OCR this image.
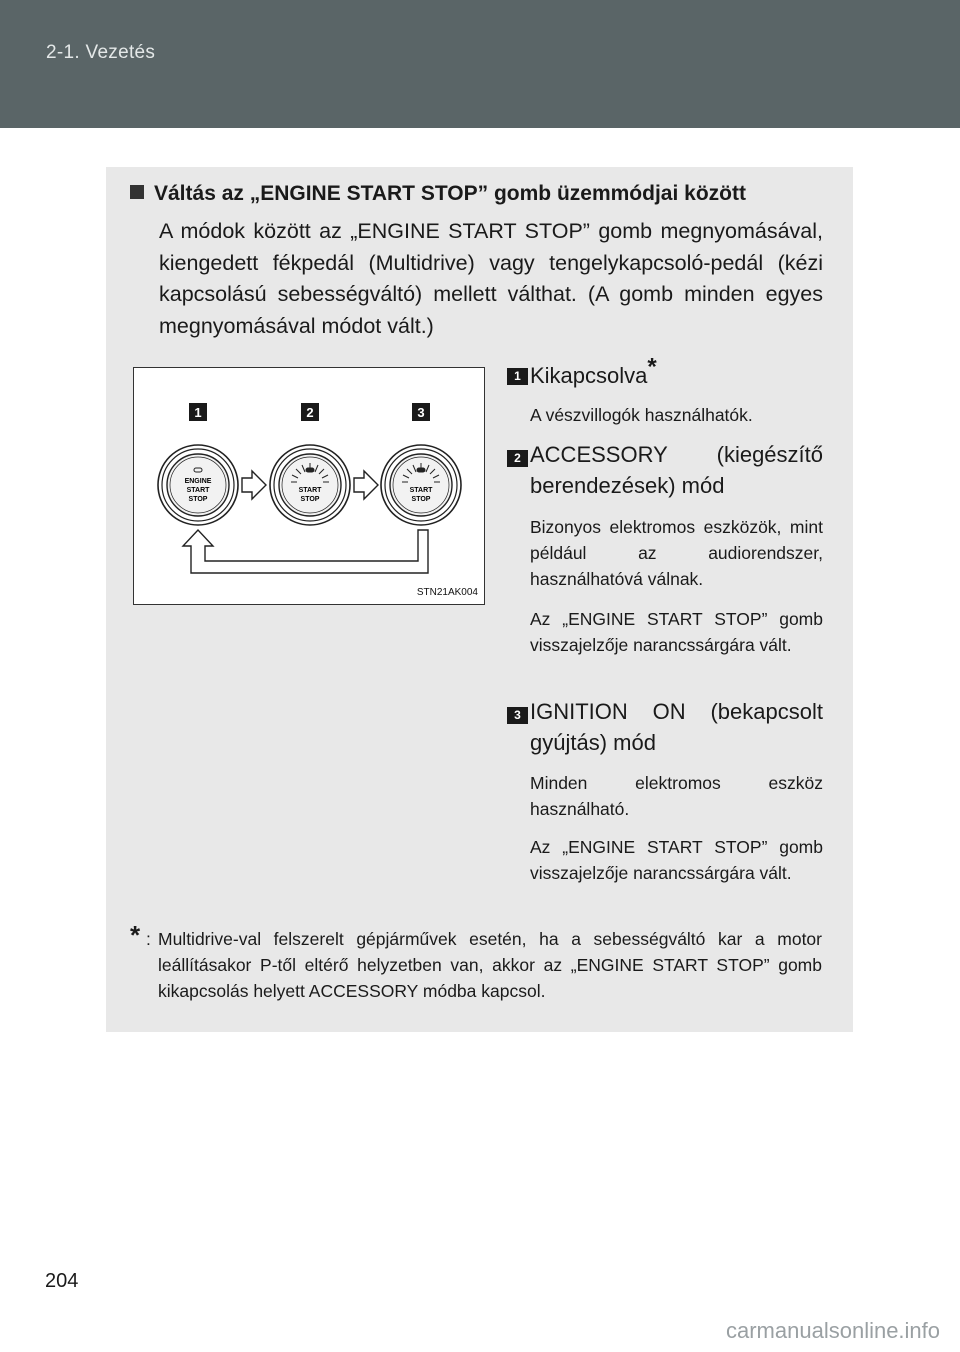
2-1. Vezetés
Váltás az „ENGINE START STOP” gomb üzemmódjai között
A módok között az „ENGINE START STOP” gomb megnyomásával, kiengedett fékpedál (Multidrive) vagy tengelykapcsoló-pedál (kézi kapcsolású sebességváltó) mellett válthat. (A gomb minden egyes megnyomásával módot vált.)
1	2	3
ENGINE
START
STOP
START
STOP
START
STOP
STN21AK004
1 Kikapcsolva*
A vészvillogók használhatók.
2 ACCESSORY (kiegészítő berendezések) mód
Bizonyos elektromos eszközök, mint például az audiorendszer, használhatóvá válnak.
Az „ENGINE START STOP” gomb visszajelzője narancssárgára vált.
3 IGNITION ON (bekapcsolt gyújtás) mód
Minden elektromos eszköz használható.
Az „ENGINE START STOP” gomb visszajelzője narancssárgára vált.
* : Multidrive-val felszerelt gépjárművek esetén, ha a sebességváltó kar a motor leállításakor P-től eltérő helyzetben van, akkor az „ENGINE START STOP” gomb kikapcsolás helyett ACCESSORY módba kapcsol.
204
carmanualsonline.info
